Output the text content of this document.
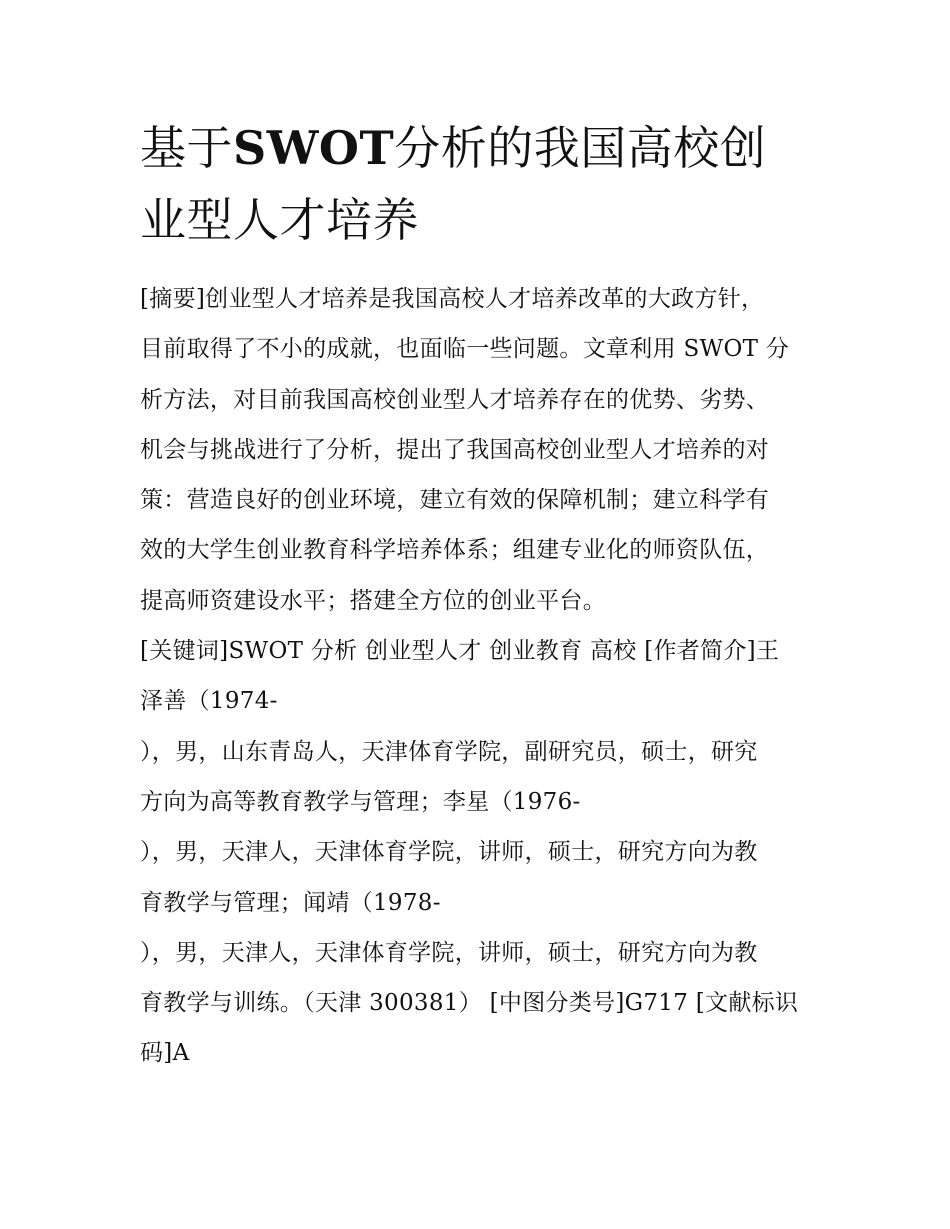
基于SWOT分析的我国高校创
业型人才培养
[摘要]创业型人才培养是我国高校人才培养改革的大政方针，
目前取得了不小的成就，也面临一些问题。文章利用 SWOT 分
析方法，对目前我国高校创业型人才培养存在的优势、劣势、
机会与挑战进行了分析，提出了我国高校创业型人才培养的对
策：营造良好的创业环境，建立有效的保障机制；建立科学有
效的大学生创业教育科学培养体系；组建专业化的师资队伍，
提高师资建设水平；搭建全方位的创业平台。
[关键词]SWOT 分析 创业型人才 创业教育 高校 [作者简介]王
泽善（1974-
），男，山东青岛人，天津体育学院，副研究员，硕士，研究
方向为高等教育教学与管理；李星（1976-
），男，天津人，天津体育学院，讲师，硕士，研究方向为教
育教学与管理；闻靖（1978-
），男，天津人，天津体育学院，讲师，硕士，研究方向为教
育教学与训练。（天津 300381） [中图分类号]G717 [文献标识
码]A
